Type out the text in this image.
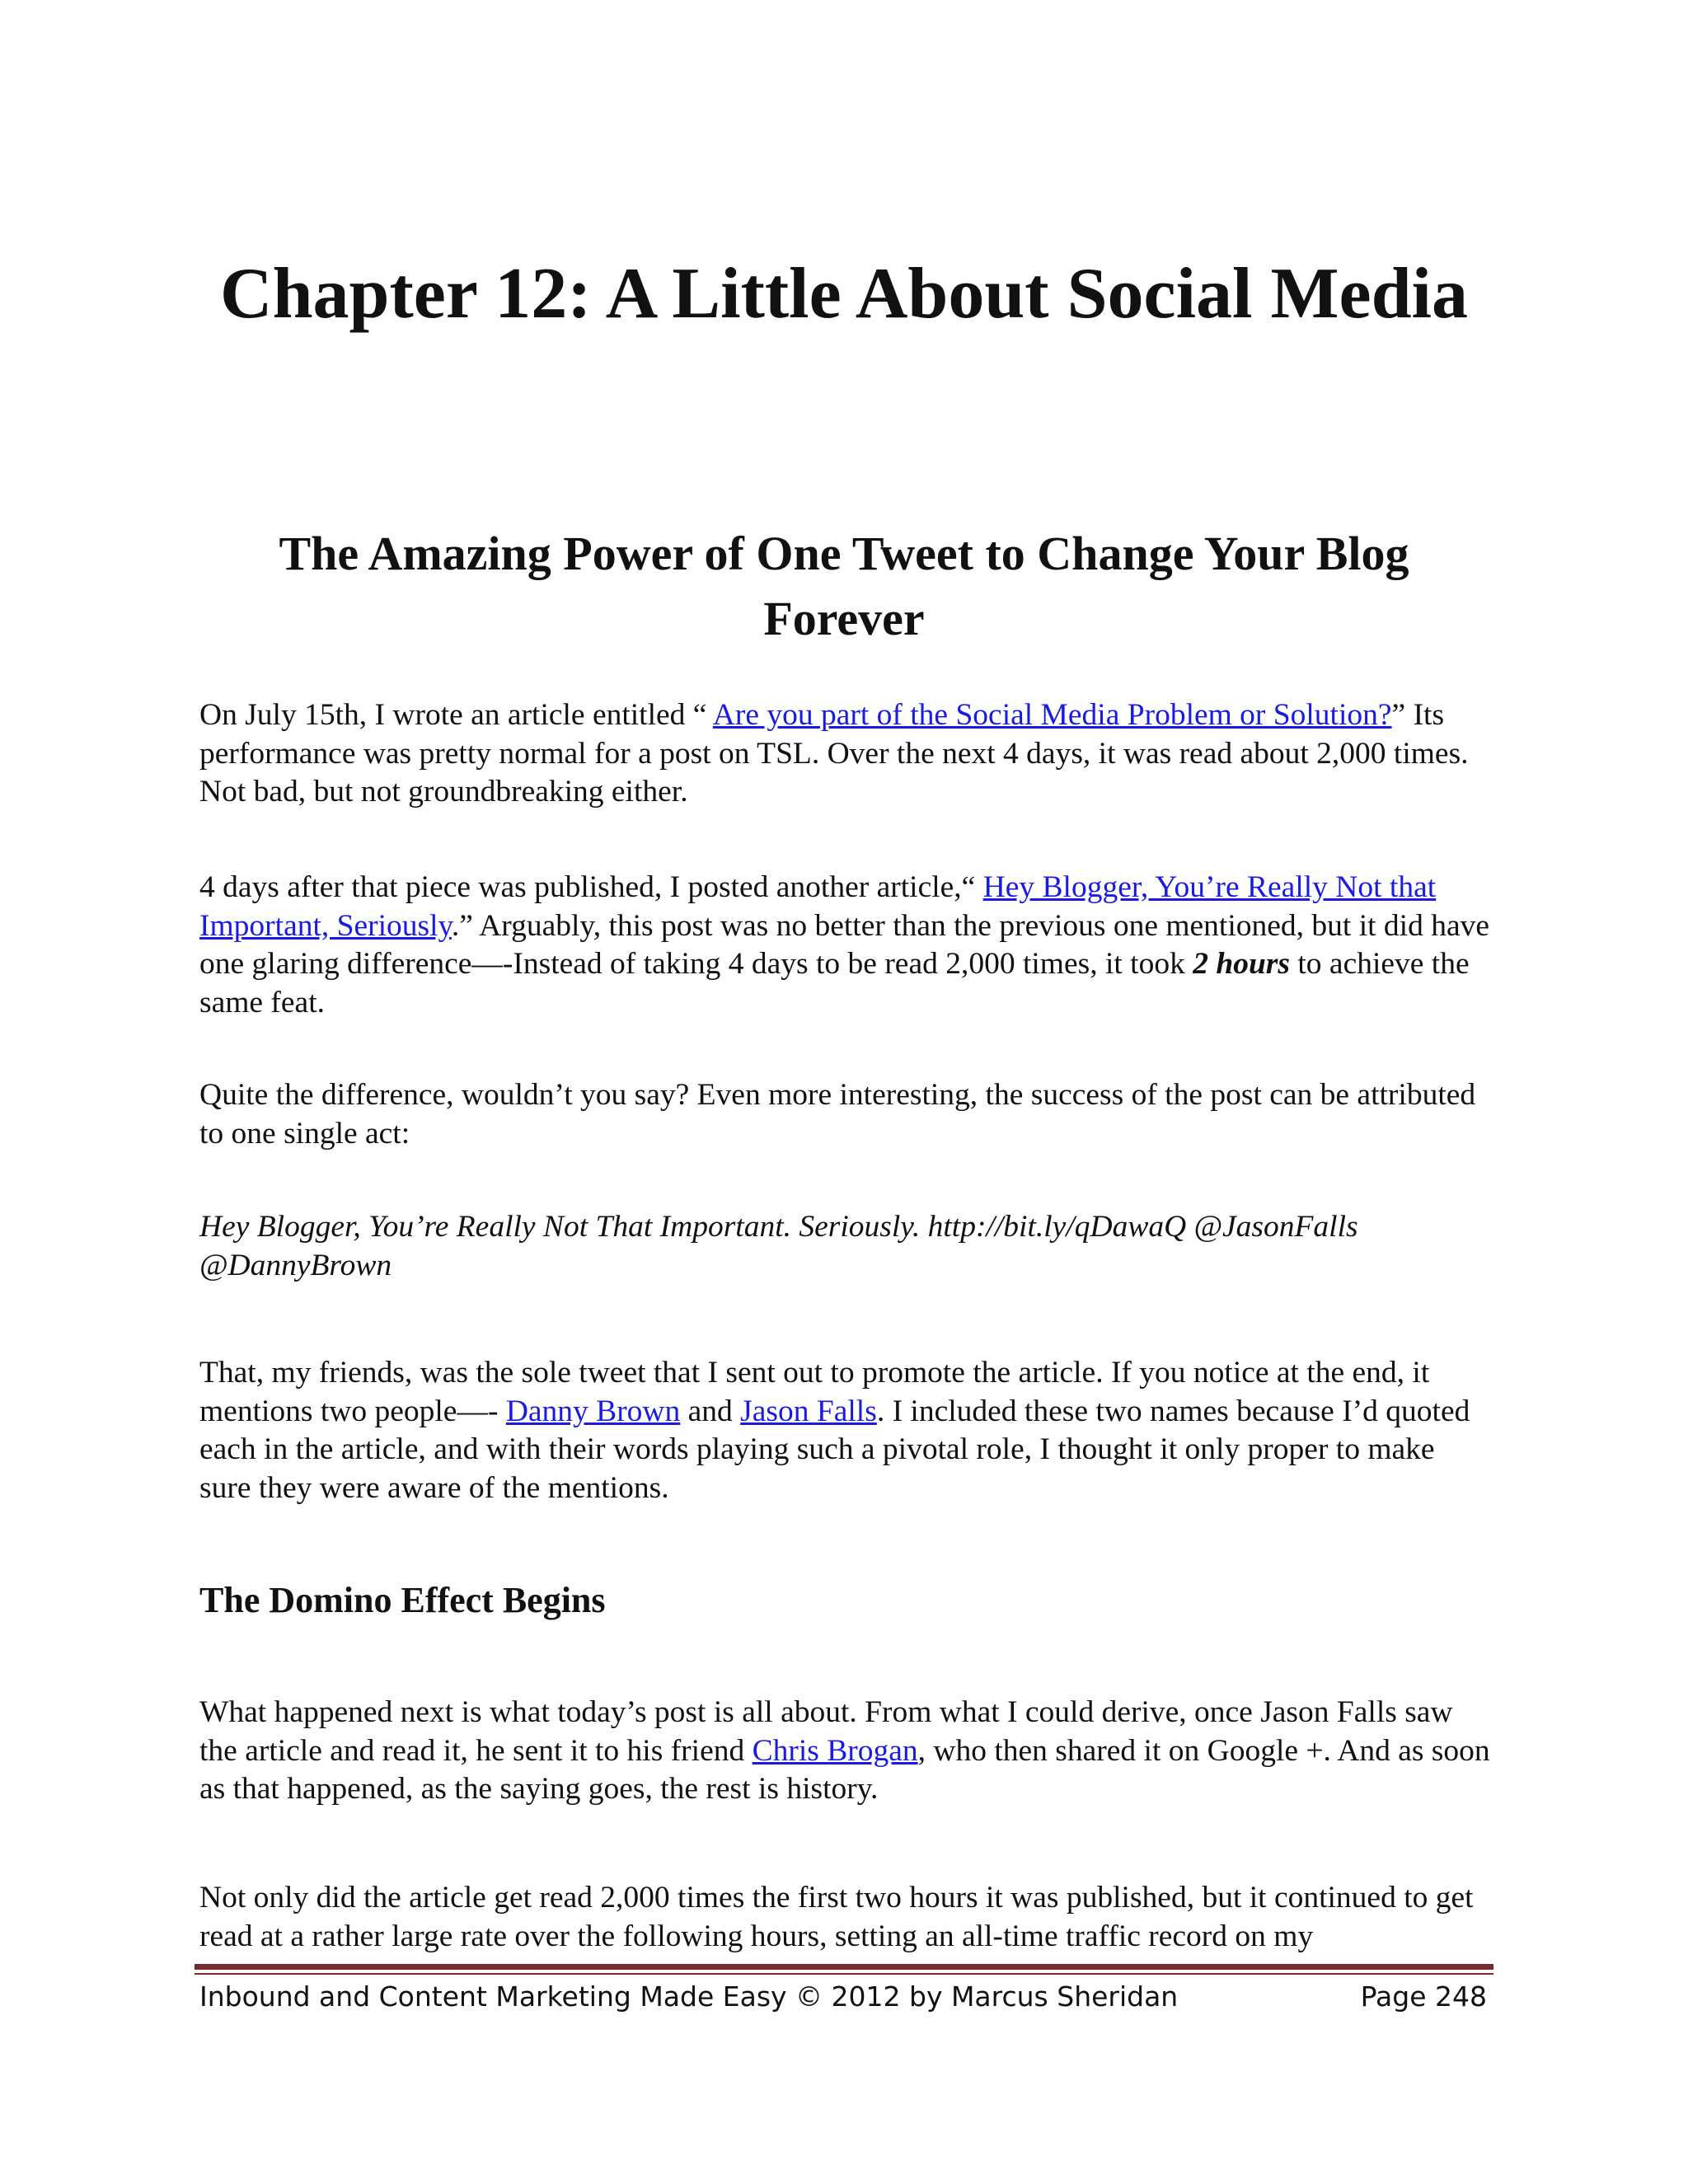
Chapter 12: A Little About Social Media
The Amazing Power of One Tweet to Change Your Blog Forever

On July 15th, I wrote an article entitled “ Are you part of the Social Media Problem or Solution?” Its performance was pretty normal for a post on TSL. Over the next 4 days, it was read about 2,000 times. Not bad, but not groundbreaking either.

4 days after that piece was published, I posted another article,“ Hey Blogger, You’re Really Not that Important, Seriously.” Arguably, this post was no better than the previous one mentioned, but it did have one glaring difference—-Instead of taking 4 days to be read 2,000 times, it took 2 hours to achieve the same feat.

Quite the difference, wouldn’t you say? Even more interesting, the success of the post can be attributed to one single act:

Hey Blogger, You’re Really Not That Important. Seriously. http://bit.ly/qDawaQ @JasonFalls @DannyBrown

That, my friends, was the sole tweet that I sent out to promote the article. If you notice at the end, it mentions two people—- Danny Brown and Jason Falls. I included these two names because I’d quoted each in the article, and with their words playing such a pivotal role, I thought it only proper to make sure they were aware of the mentions.

The Domino Effect Begins

What happened next is what today’s post is all about. From what I could derive, once Jason Falls saw the article and read it, he sent it to his friend Chris Brogan, who then shared it on Google +. And as soon as that happened, as the saying goes, the rest is history.

Not only did the article get read 2,000 times the first two hours it was published, but it continued to get read at a rather large rate over the following hours, setting an all-time traffic record on my

Inbound and Content Marketing Made Easy © 2012 by Marcus Sheridan	Page 248
